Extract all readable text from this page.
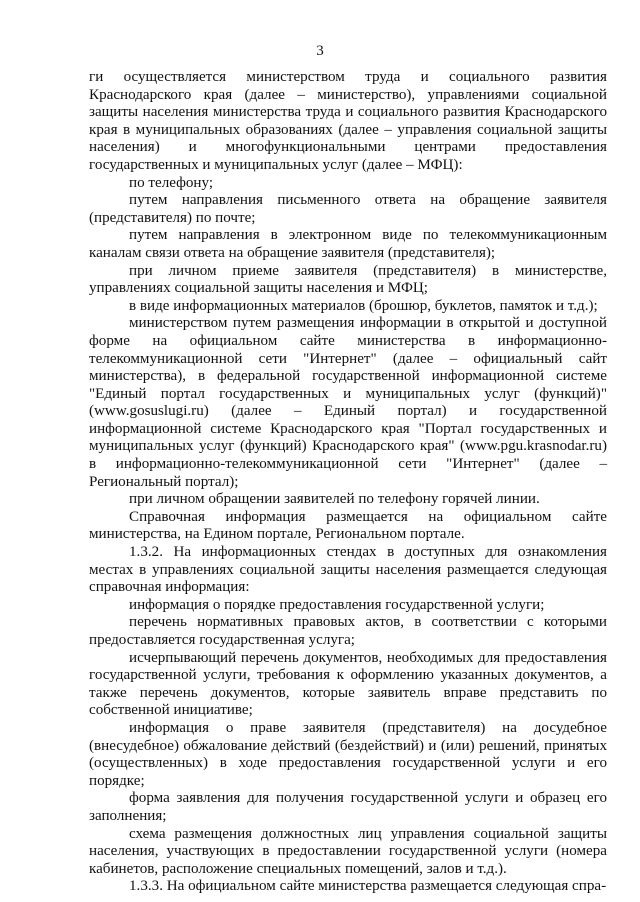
3

ги осуществляется министерством труда и социального развития Краснодарского края (далее – министерство), управлениями социальной защиты населения министерства труда и социального развития Краснодарского края в муниципальных образованиях (далее – управления социальной защиты населения) и многофункциональными центрами предоставления государственных и муниципальных услуг (далее – МФЦ):

по телефону;

путем направления письменного ответа на обращение заявителя (представителя) по почте;

путем направления в электронном виде по телекоммуникационным каналам связи ответа на обращение заявителя (представителя);

при личном приеме заявителя (представителя) в министерстве, управлениях социальной защиты населения и МФЦ;

в виде информационных материалов (брошюр, буклетов, памяток и т.д.);

министерством путем размещения информации в открытой и доступной форме на официальном сайте министерства в информационно-телекоммуникационной сети "Интернет" (далее – официальный сайт министерства), в федеральной государственной информационной системе "Единый портал государственных и муниципальных услуг (функций)" (www.gosuslugi.ru) (далее – Единый портал) и государственной информационной системе Краснодарского края "Портал государственных и муниципальных услуг (функций) Краснодарского края" (www.pgu.krasnodar.ru) в информационно-телекоммуникационной сети "Интернет" (далее – Региональный портал);

при личном обращении заявителей по телефону горячей линии.

Справочная информация размещается на официальном сайте министерства, на Едином портале, Региональном портале.

1.3.2. На информационных стендах в доступных для ознакомления местах в управлениях социальной защиты населения размещается следующая справочная информация:

информация о порядке предоставления государственной услуги;

перечень нормативных правовых актов, в соответствии с которыми предоставляется государственная услуга;

исчерпывающий перечень документов, необходимых для предоставления государственной услуги, требования к оформлению указанных документов, а также перечень документов, которые заявитель вправе представить по собственной инициативе;

информация о праве заявителя (представителя) на досудебное (внесудебное) обжалование действий (бездействий) и (или) решений, принятых (осуществленных) в ходе предоставления государственной услуги и его порядке;

форма заявления для получения государственной услуги и образец его заполнения;

схема размещения должностных лиц управления социальной защиты населения, участвующих в предоставлении государственной услуги (номера кабинетов, расположение специальных помещений, залов и т.д.).

1.3.3. На официальном сайте министерства размещается следующая спра-
